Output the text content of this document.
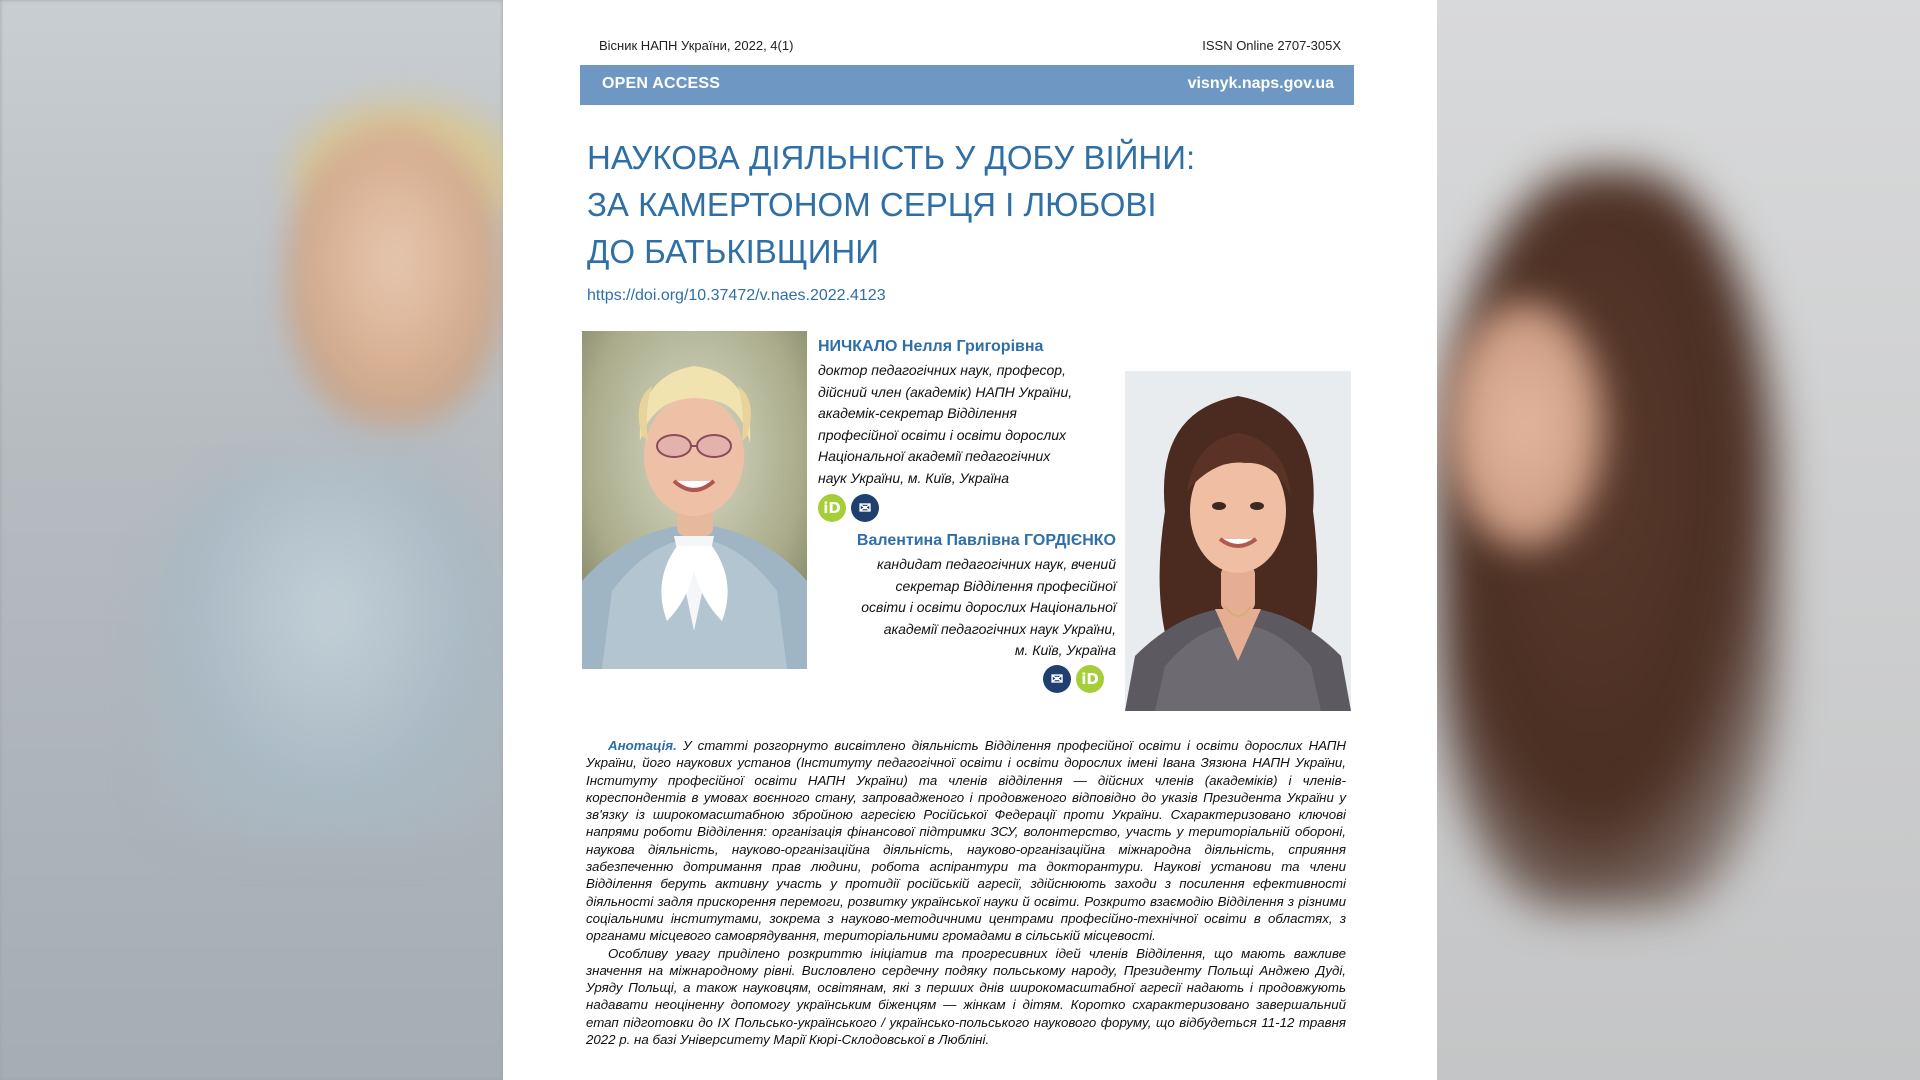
Вісник НАПН України, 2022, 4(1)	ISSN Online 2707-305X
OPEN ACCESS	visnyk.naps.gov.ua
НАУКОВА ДІЯЛЬНІСТЬ У ДОБУ ВІЙНИ:
ЗА КАМЕРТОНОМ СЕРЦЯ І ЛЮБОВІ
ДО БАТЬКІВЩИНИ
https://doi.org/10.37472/v.naes.2022.4123
НИЧКАЛО Нелля Григорівна
доктор педагогічних наук, професор,
дійсний член (академік) НАПН України,
академік-секретар Відділення
професійної освіти і освіти дорослих
Національної академії педагогічних
наук України, м. Київ, Україна
iD	✉
Валентина Павлівна ГОРДІЄНКО
кандидат педагогічних наук, вчений
секретар Відділення професійної
освіти і освіти дорослих Національної
академії педагогічних наук України,
м. Київ, Україна
✉	iD

Анотація. У статті розгорнуто висвітлено діяльність Відділення професійної освіти і освіти дорослих НАПН України, його наукових установ (Інституту педагогічної освіти і освіти дорослих імені Івана Зязюна НАПН України, Інституту професійної освіти НАПН України) та членів відділення — дійсних членів (академіків) і членів-кореспондентів в умовах воєнного стану, запровадженого і продовженого відповідно до указів Президента України у зв'язку із широкомасштабною збройною агресією Російської Федерації проти України. Схарактеризовано ключові напрями роботи Відділення: організація фінансової підтримки ЗСУ, волонтерство, участь у територіальній обороні, наукова діяльність, науково-організаційна діяльність, науково-організаційна міжнародна діяльність, сприяння забезпеченню дотримання прав людини, робота аспірантури та докторантури. Наукові установи та члени Відділення беруть активну участь у протидії російській агресії, здійснюють заходи з посилення ефективності діяльності задля прискорення перемоги, розвитку української науки й освіти. Розкрито взаємодію Відділення з різними соціальними інститутами, зокрема з науково-методичними центрами професійно-технічної освіти в областях, з органами місцевого самоврядування, територіальними громадами в сільській місцевості.

Особливу увагу приділено розкриттю ініціатив та прогресивних ідей членів Відділення, що мають важливе значення на міжнародному рівні. Висловлено сердечну подяку польському народу, Президенту Польщі Анджею Дуді, Уряду Польщі, а також науковцям, освітянам, які з перших днів широкомасштабної агресії надають і продовжують надавати неоціненну допомогу українським біженцям — жінкам і дітям. Коротко схарактеризовано завершальний етап підготовки до IX Польсько-українського / українсько-польського наукового форуму, що відбудеться 11-12 травня 2022 р. на базі Університету Марії Кюрі-Склодовської в Любліні.
